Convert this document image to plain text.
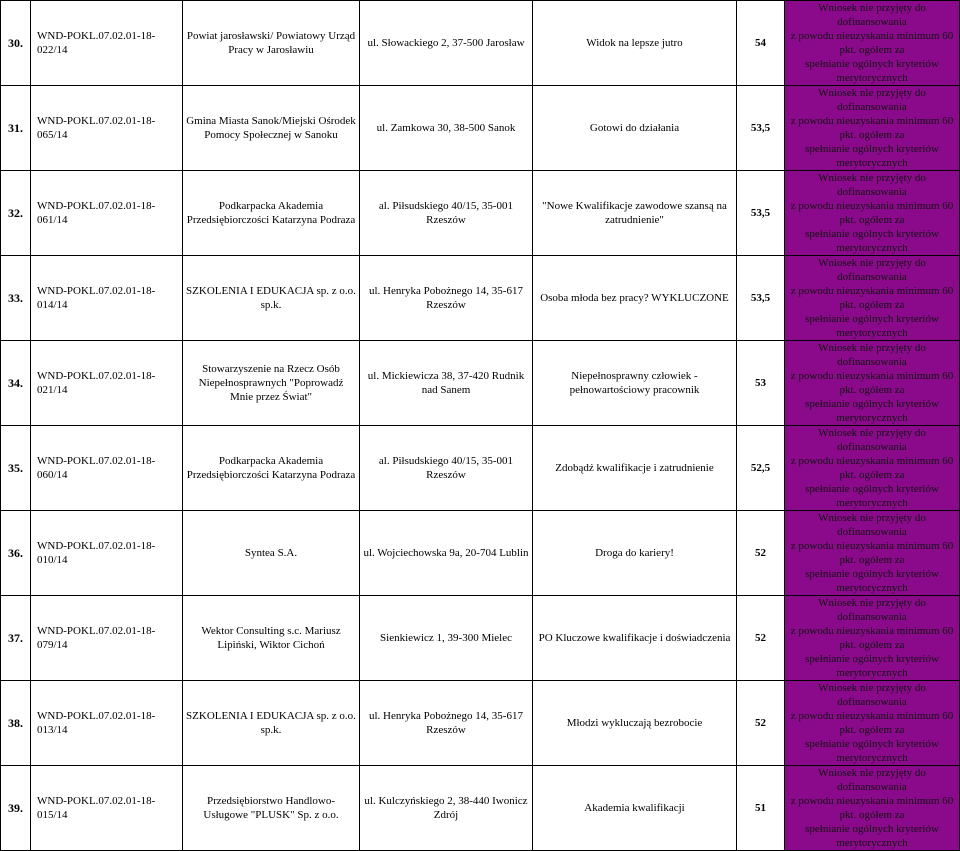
30.	WND-POKL.07.02.01-18-022/14	Powiat jarosławski/ Powiatowy Urząd Pracy w Jarosławiu	ul. Słowackiego 2, 37-500 Jarosław	Widok na lepsze jutro	54	Wniosek nie przyjęty do dofinansowania
z powodu nieuzyskania minimum 60 pkt. ogółem za
spełnianie ogólnych kryteriów merytorycznych

31.	WND-POKL.07.02.01-18-065/14	Gmina Miasta Sanok/Miejski Ośrodek Pomocy Społecznej w Sanoku	ul. Zamkowa 30, 38-500 Sanok	Gotowi do działania	53,5	Wniosek nie przyjęty do dofinansowania
z powodu nieuzyskania minimum 60 pkt. ogółem za
spełnianie ogólnych kryteriów merytorycznych

32.	WND-POKL.07.02.01-18-061/14	Podkarpacka Akademia Przedsiębiorczości Katarzyna Podraza	al. Piłsudskiego 40/15, 35-001 Rzeszów	"Nowe Kwalifikacje zawodowe szansą na zatrudnienie"	53,5	Wniosek nie przyjęty do dofinansowania
z powodu nieuzyskania minimum 60 pkt. ogółem za
spełnianie ogólnych kryteriów merytorycznych

33.	WND-POKL.07.02.01-18-014/14	SZKOLENIA I EDUKACJA sp. z o.o. sp.k.	ul. Henryka Pobożnego 14, 35-617 Rzeszów	Osoba młoda bez pracy? WYKLUCZONE	53,5	Wniosek nie przyjęty do dofinansowania
z powodu nieuzyskania minimum 60 pkt. ogółem za
spełnianie ogólnych kryteriów merytorycznych

34.	WND-POKL.07.02.01-18-021/14	Stowarzyszenie na Rzecz Osób Niepełnosprawnych "Poprowadź Mnie przez Świat"	ul. Mickiewicza 38, 37-420 Rudnik nad Sanem	Niepełnosprawny człowiek - pełnowartościowy pracownik	53	Wniosek nie przyjęty do dofinansowania
z powodu nieuzyskania minimum 60 pkt. ogółem za
spełnianie ogólnych kryteriów merytorycznych

35.	WND-POKL.07.02.01-18-060/14	Podkarpacka Akademia Przedsiębiorczości Katarzyna Podraza	al. Piłsudskiego 40/15, 35-001 Rzeszów	Zdobądź kwalifikacje i zatrudnienie	52,5	Wniosek nie przyjęty do dofinansowania
z powodu nieuzyskania minimum 60 pkt. ogółem za
spełnianie ogólnych kryteriów merytorycznych

36.	WND-POKL.07.02.01-18-010/14	Syntea S.A.	ul. Wojciechowska 9a, 20-704 Lublin	Droga do kariery!	52	Wniosek nie przyjęty do dofinansowania
z powodu nieuzyskania minimum 60 pkt. ogółem za
spełnianie ogólnych kryteriów merytorycznych

37.	WND-POKL.07.02.01-18-079/14	Wektor Consulting s.c. Mariusz Lipiński, Wiktor Cichoń	Sienkiewicz 1, 39-300 Mielec	PO Kluczowe kwalifikacje i doświadczenia	52	Wniosek nie przyjęty do dofinansowania
z powodu nieuzyskania minimum 60 pkt. ogółem za
spełnianie ogólnych kryteriów merytorycznych

38.	WND-POKL.07.02.01-18-013/14	SZKOLENIA I EDUKACJA sp. z o.o. sp.k.	ul. Henryka Pobożnego 14, 35-617 Rzeszów	Młodzi wykluczają bezrobocie	52	Wniosek nie przyjęty do dofinansowania
z powodu nieuzyskania minimum 60 pkt. ogółem za
spełnianie ogólnych kryteriów merytorycznych

39.	WND-POKL.07.02.01-18-015/14	Przedsiębiorstwo Handlowo-Usługowe "PLUSK" Sp. z o.o.	ul. Kulczyńskiego 2, 38-440 Iwonicz Zdrój	Akademia kwalifikacji	51	Wniosek nie przyjęty do dofinansowania
z powodu nieuzyskania minimum 60 pkt. ogółem za
spełnianie ogólnych kryteriów merytorycznych
